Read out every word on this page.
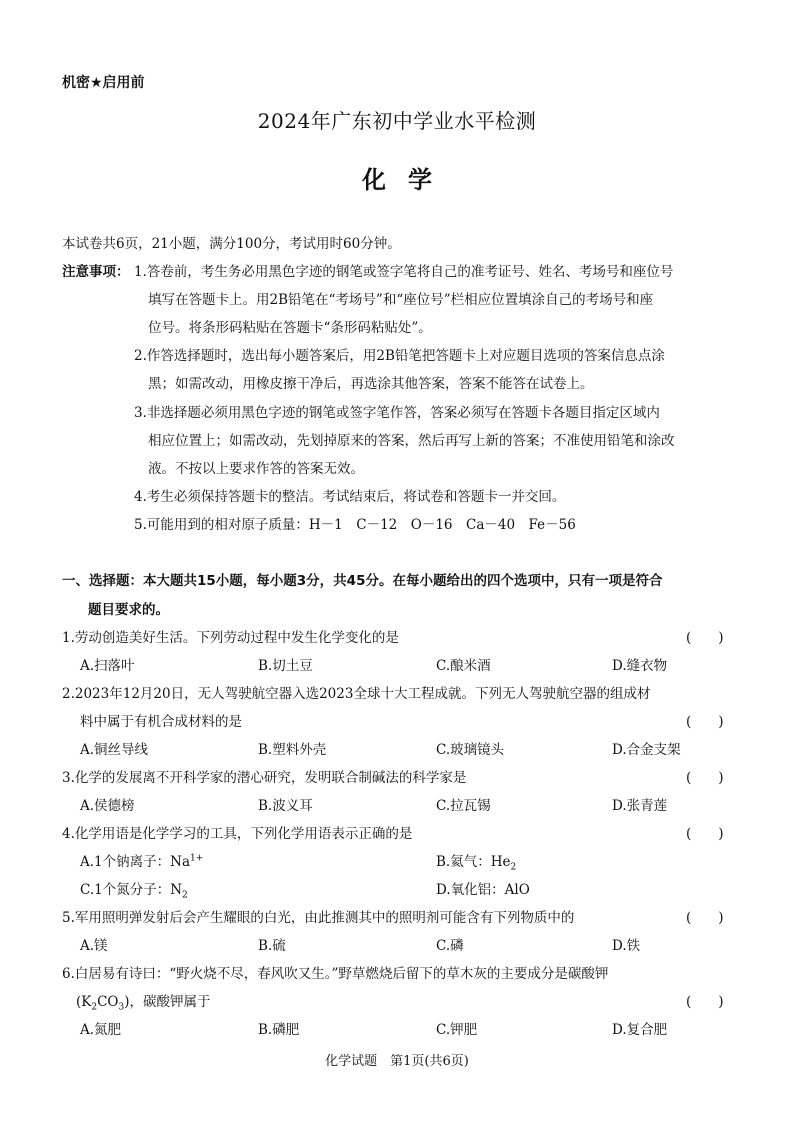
机密★启用前
2024年广东初中学业水平检测
化学
本试卷共6页，21小题，满分100分，考试用时60分钟。
注意事项： 1.答卷前，考生务必用黑色字迹的钢笔或签字笔将自己的准考证号、姓名、考场号和座位号
填写在答题卡上。用2B铅笔在“考场号”和“座位号”栏相应位置填涂自己的考场号和座
位号。将条形码粘贴在答题卡“条形码粘贴处”。
2.作答选择题时，选出每小题答案后，用2B铅笔把答题卡上对应题目选项的答案信息点涂
黑；如需改动，用橡皮擦干净后，再选涂其他答案，答案不能答在试卷上。
3.非选择题必须用黑色字迹的钢笔或签字笔作答，答案必须写在答题卡各题目指定区域内
相应位置上；如需改动，先划掉原来的答案，然后再写上新的答案；不准使用铅笔和涂改
液。不按以上要求作答的答案无效。
4.考生必须保持答题卡的整洁。考试结束后，将试卷和答题卡一并交回。
5.可能用到的相对原子质量：H－1　C－12　O－16　Ca－40　Fe－56
一、选择题：本大题共15小题，每小题3分，共45分。在每小题给出的四个选项中，只有一项是符合
题目要求的。
1.劳动创造美好生活。下列劳动过程中发生化学变化的是	(　　)
A.扫落叶	B.切土豆	C.酿米酒	D.缝衣物
2.2023年12月20日，无人驾驶航空器入选2023全球十大工程成就。下列无人驾驶航空器的组成材
料中属于有机合成材料的是	(　　)
A.铜丝导线	B.塑料外壳	C.玻璃镜头	D.合金支架
3.化学的发展离不开科学家的潜心研究，发明联合制碱法的科学家是	(　　)
A.侯德榜	B.波义耳	C.拉瓦锡	D.张青莲
4.化学用语是化学学习的工具，下列化学用语表示正确的是	(　　)
A.1个钠离子：$Na^{1+}$	B.氦气：$He_2$
C.1个氮分子：$N_2$	D.氧化铝：AlO
5.军用照明弹发射后会产生耀眼的白光，由此推测其中的照明剂可能含有下列物质中的	(　　)
A.镁	B.硫	C.磷	D.铁
6.白居易有诗曰：“野火烧不尽，春风吹又生。”野草燃烧后留下的草木灰的主要成分是碳酸钾
$(K_2CO_3)$，碳酸钾属于	(　　)
A.氮肥	B.磷肥	C.钾肥	D.复合肥
化学试题　第1页(共6页)
